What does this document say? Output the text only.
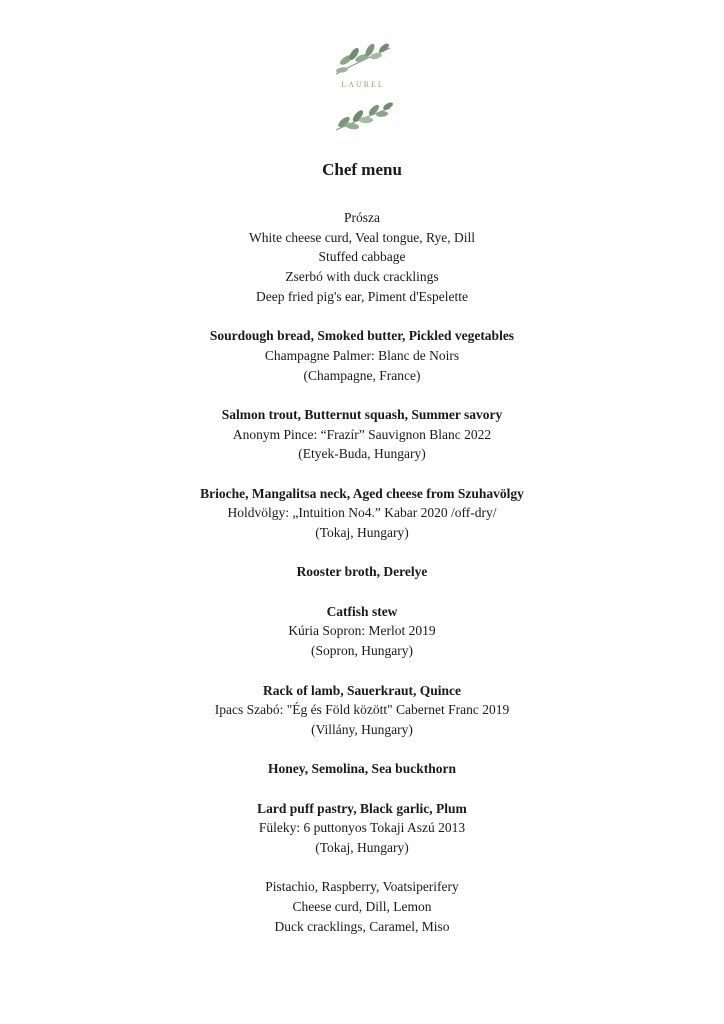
LAUREL
Chef menu
Prósza
White cheese curd, Veal tongue, Rye, Dill
Stuffed cabbage
Zserbó with duck cracklings
Deep fried pig's ear, Piment d'Espelette
Sourdough bread, Smoked butter, Pickled vegetables
Champagne Palmer: Blanc de Noirs
(Champagne, France)
Salmon trout, Butternut squash, Summer savory
Anonym Pince: “Frazír” Sauvignon Blanc 2022
(Etyek-Buda, Hungary)
Brioche, Mangalitsa neck, Aged cheese from Szuhavölgy
Holdvölgy: „Intuition No4.” Kabar 2020 /off-dry/
(Tokaj, Hungary)
Rooster broth, Derelye
Catfish stew
Kúria Sopron: Merlot 2019
(Sopron, Hungary)
Rack of lamb, Sauerkraut, Quince
Ipacs Szabó: "Ég és Föld között" Cabernet Franc 2019
(Villány, Hungary)
Honey, Semolina, Sea buckthorn
Lard puff pastry, Black garlic, Plum
Füleky: 6 puttonyos Tokaji Aszú 2013
(Tokaj, Hungary)
Pistachio, Raspberry, Voatsiperifery
Cheese curd, Dill, Lemon
Duck cracklings, Caramel, Miso
